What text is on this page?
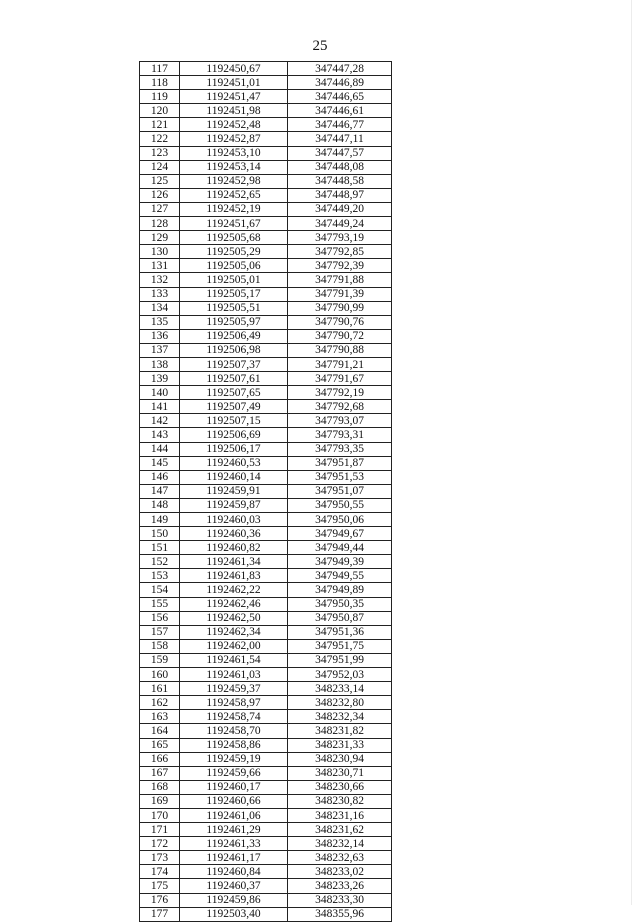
25
117	1192450,67	347447,28
118	1192451,01	347446,89
119	1192451,47	347446,65
120	1192451,98	347446,61
121	1192452,48	347446,77
122	1192452,87	347447,11
123	1192453,10	347447,57
124	1192453,14	347448,08
125	1192452,98	347448,58
126	1192452,65	347448,97
127	1192452,19	347449,20
128	1192451,67	347449,24
129	1192505,68	347793,19
130	1192505,29	347792,85
131	1192505,06	347792,39
132	1192505,01	347791,88
133	1192505,17	347791,39
134	1192505,51	347790,99
135	1192505,97	347790,76
136	1192506,49	347790,72
137	1192506,98	347790,88
138	1192507,37	347791,21
139	1192507,61	347791,67
140	1192507,65	347792,19
141	1192507,49	347792,68
142	1192507,15	347793,07
143	1192506,69	347793,31
144	1192506,17	347793,35
145	1192460,53	347951,87
146	1192460,14	347951,53
147	1192459,91	347951,07
148	1192459,87	347950,55
149	1192460,03	347950,06
150	1192460,36	347949,67
151	1192460,82	347949,44
152	1192461,34	347949,39
153	1192461,83	347949,55
154	1192462,22	347949,89
155	1192462,46	347950,35
156	1192462,50	347950,87
157	1192462,34	347951,36
158	1192462,00	347951,75
159	1192461,54	347951,99
160	1192461,03	347952,03
161	1192459,37	348233,14
162	1192458,97	348232,80
163	1192458,74	348232,34
164	1192458,70	348231,82
165	1192458,86	348231,33
166	1192459,19	348230,94
167	1192459,66	348230,71
168	1192460,17	348230,66
169	1192460,66	348230,82
170	1192461,06	348231,16
171	1192461,29	348231,62
172	1192461,33	348232,14
173	1192461,17	348232,63
174	1192460,84	348233,02
175	1192460,37	348233,26
176	1192459,86	348233,30
177	1192503,40	348355,96
